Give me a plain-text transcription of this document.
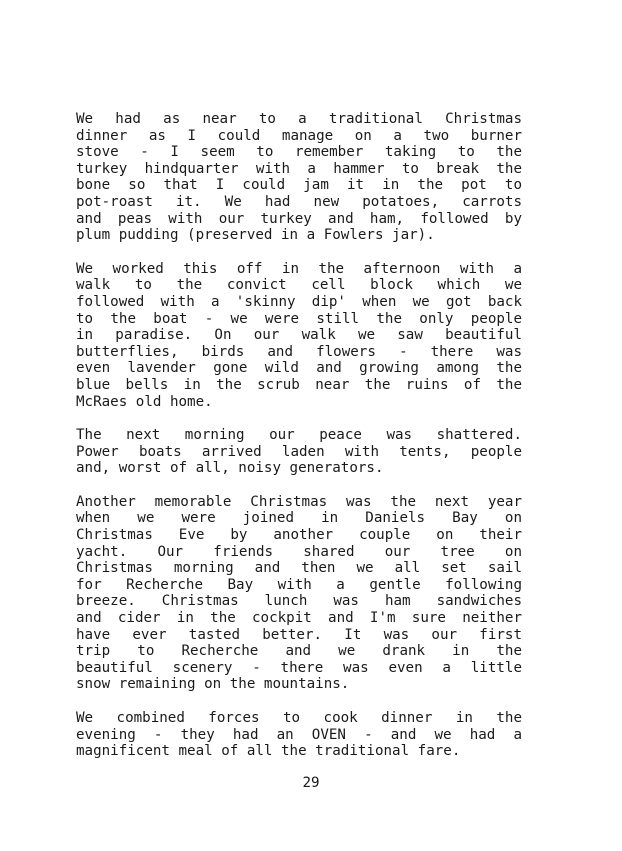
We had as near to a traditional Christmas
dinner as I could manage on a two burner
stove - I seem to remember taking to the
turkey hindquarter with a hammer to break the
bone so that I could jam it in the pot to
pot-roast it. We had new potatoes, carrots
and peas with our turkey and ham, followed by
plum pudding (preserved in a Fowlers jar).
We worked this off in the afternoon with a
walk to the convict cell block which we
followed with a 'skinny dip' when we got back
to the boat - we were still the only people
in paradise. On our walk we saw beautiful
butterflies, birds and flowers - there was
even lavender gone wild and growing among the
blue bells in the scrub near the ruins of the
McRaes old home.
The next morning our peace was shattered.
Power boats arrived laden with tents, people
and, worst of all, noisy generators.
Another memorable Christmas was the next year
when we were joined in Daniels Bay on
Christmas Eve by another couple on their
yacht. Our friends shared our tree on
Christmas morning and then we all set sail
for Recherche Bay with a gentle following
breeze. Christmas lunch was ham sandwiches
and cider in the cockpit and I'm sure neither
have ever tasted better. It was our first
trip to Recherche and we drank in the
beautiful scenery - there was even a little
snow remaining on the mountains.
We combined forces to cook dinner in the
evening - they had an OVEN - and we had a
magnificent meal of all the traditional fare.
29
